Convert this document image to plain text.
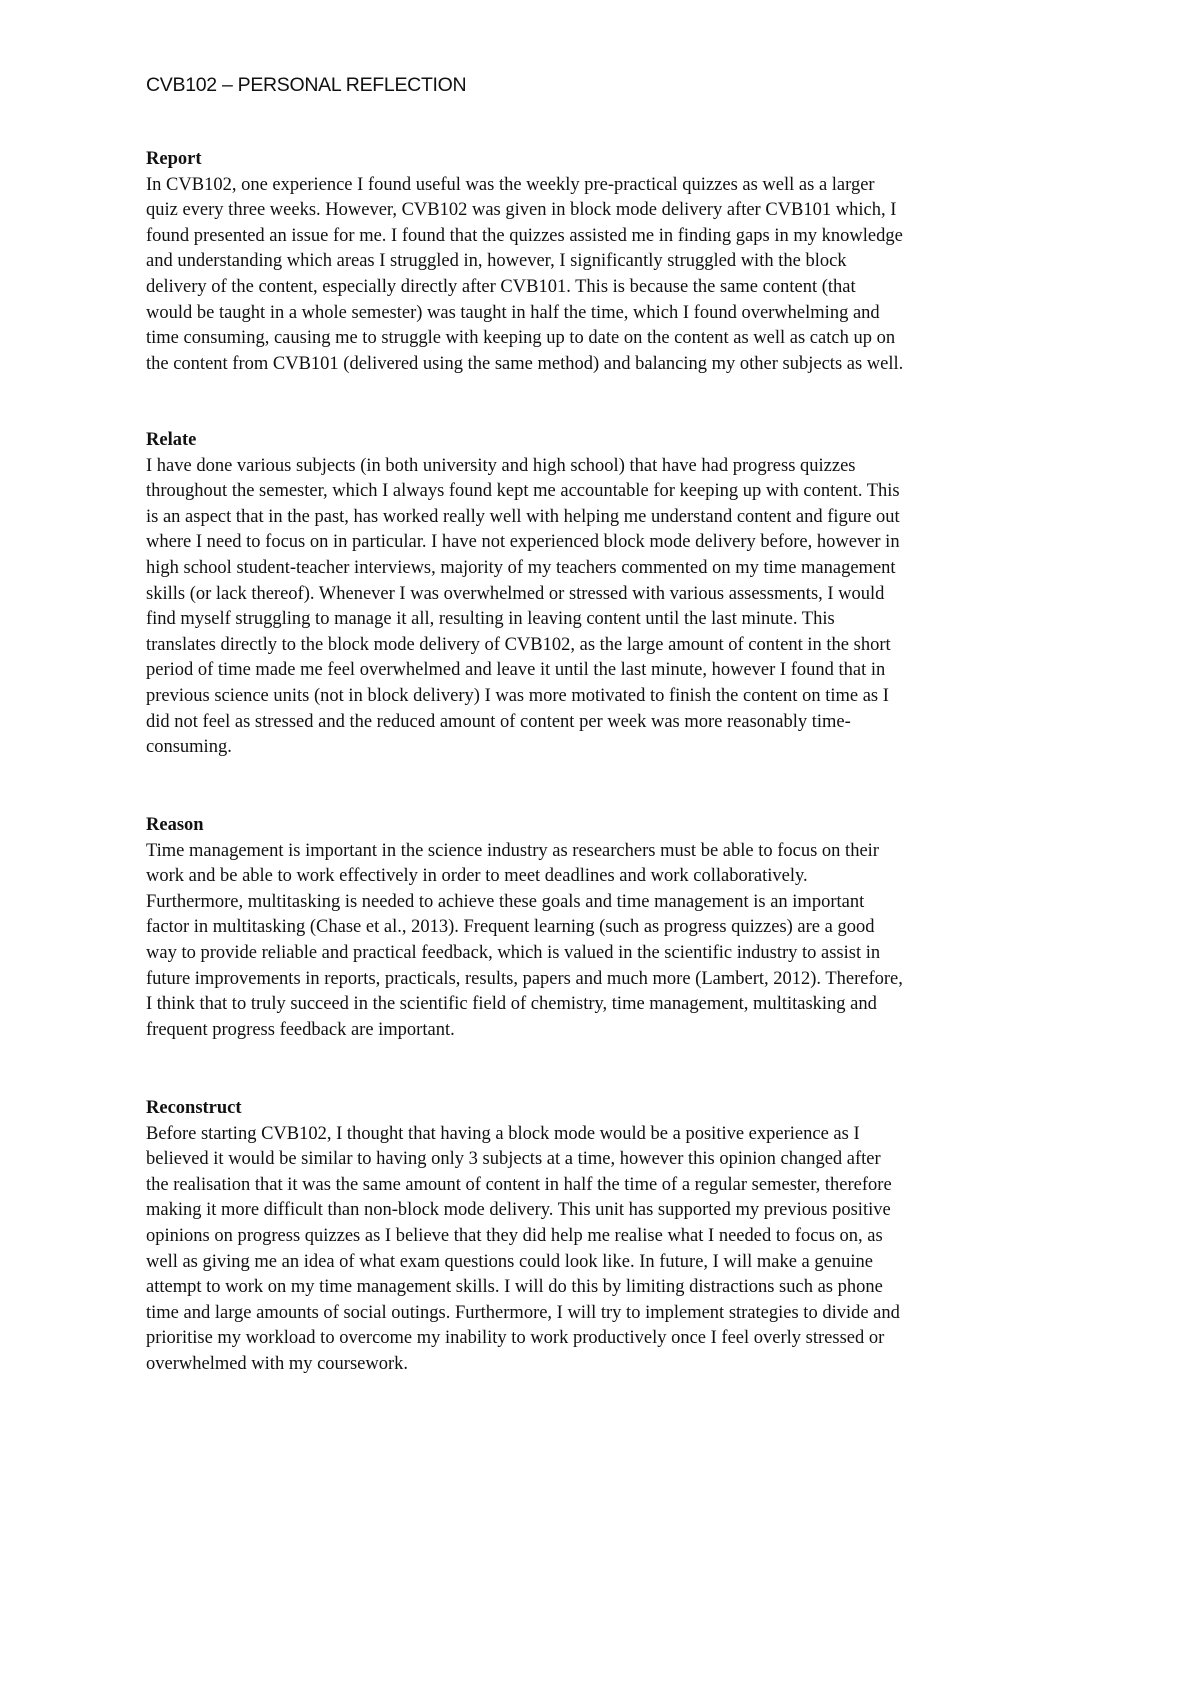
CVB102 – PERSONAL REFLECTION

Report

In CVB102, one experience I found useful was the weekly pre-practical quizzes as well as a larger
quiz every three weeks. However, CVB102 was given in block mode delivery after CVB101 which, I
found presented an issue for me. I found that the quizzes assisted me in finding gaps in my knowledge
and understanding which areas I struggled in, however, I significantly struggled with the block
delivery of the content, especially directly after CVB101. This is because the same content (that
would be taught in a whole semester) was taught in half the time, which I found overwhelming and
time consuming, causing me to struggle with keeping up to date on the content as well as catch up on
the content from CVB101 (delivered using the same method) and balancing my other subjects as well.

Relate

I have done various subjects (in both university and high school) that have had progress quizzes
throughout the semester, which I always found kept me accountable for keeping up with content. This
is an aspect that in the past, has worked really well with helping me understand content and figure out
where I need to focus on in particular. I have not experienced block mode delivery before, however in
high school student-teacher interviews, majority of my teachers commented on my time management
skills (or lack thereof). Whenever I was overwhelmed or stressed with various assessments, I would
find myself struggling to manage it all, resulting in leaving content until the last minute. This
translates directly to the block mode delivery of CVB102, as the large amount of content in the short
period of time made me feel overwhelmed and leave it until the last minute, however I found that in
previous science units (not in block delivery) I was more motivated to finish the content on time as I
did not feel as stressed and the reduced amount of content per week was more reasonably time-
consuming.

Reason

Time management is important in the science industry as researchers must be able to focus on their
work and be able to work effectively in order to meet deadlines and work collaboratively.
Furthermore, multitasking is needed to achieve these goals and time management is an important
factor in multitasking (Chase et al., 2013). Frequent learning (such as progress quizzes) are a good
way to provide reliable and practical feedback, which is valued in the scientific industry to assist in
future improvements in reports, practicals, results, papers and much more (Lambert, 2012). Therefore,
I think that to truly succeed in the scientific field of chemistry, time management, multitasking and
frequent progress feedback are important.

Reconstruct

Before starting CVB102, I thought that having a block mode would be a positive experience as I
believed it would be similar to having only 3 subjects at a time, however this opinion changed after
the realisation that it was the same amount of content in half the time of a regular semester, therefore
making it more difficult than non-block mode delivery. This unit has supported my previous positive
opinions on progress quizzes as I believe that they did help me realise what I needed to focus on, as
well as giving me an idea of what exam questions could look like. In future, I will make a genuine
attempt to work on my time management skills. I will do this by limiting distractions such as phone
time and large amounts of social outings. Furthermore, I will try to implement strategies to divide and
prioritise my workload to overcome my inability to work productively once I feel overly stressed or
overwhelmed with my coursework.
